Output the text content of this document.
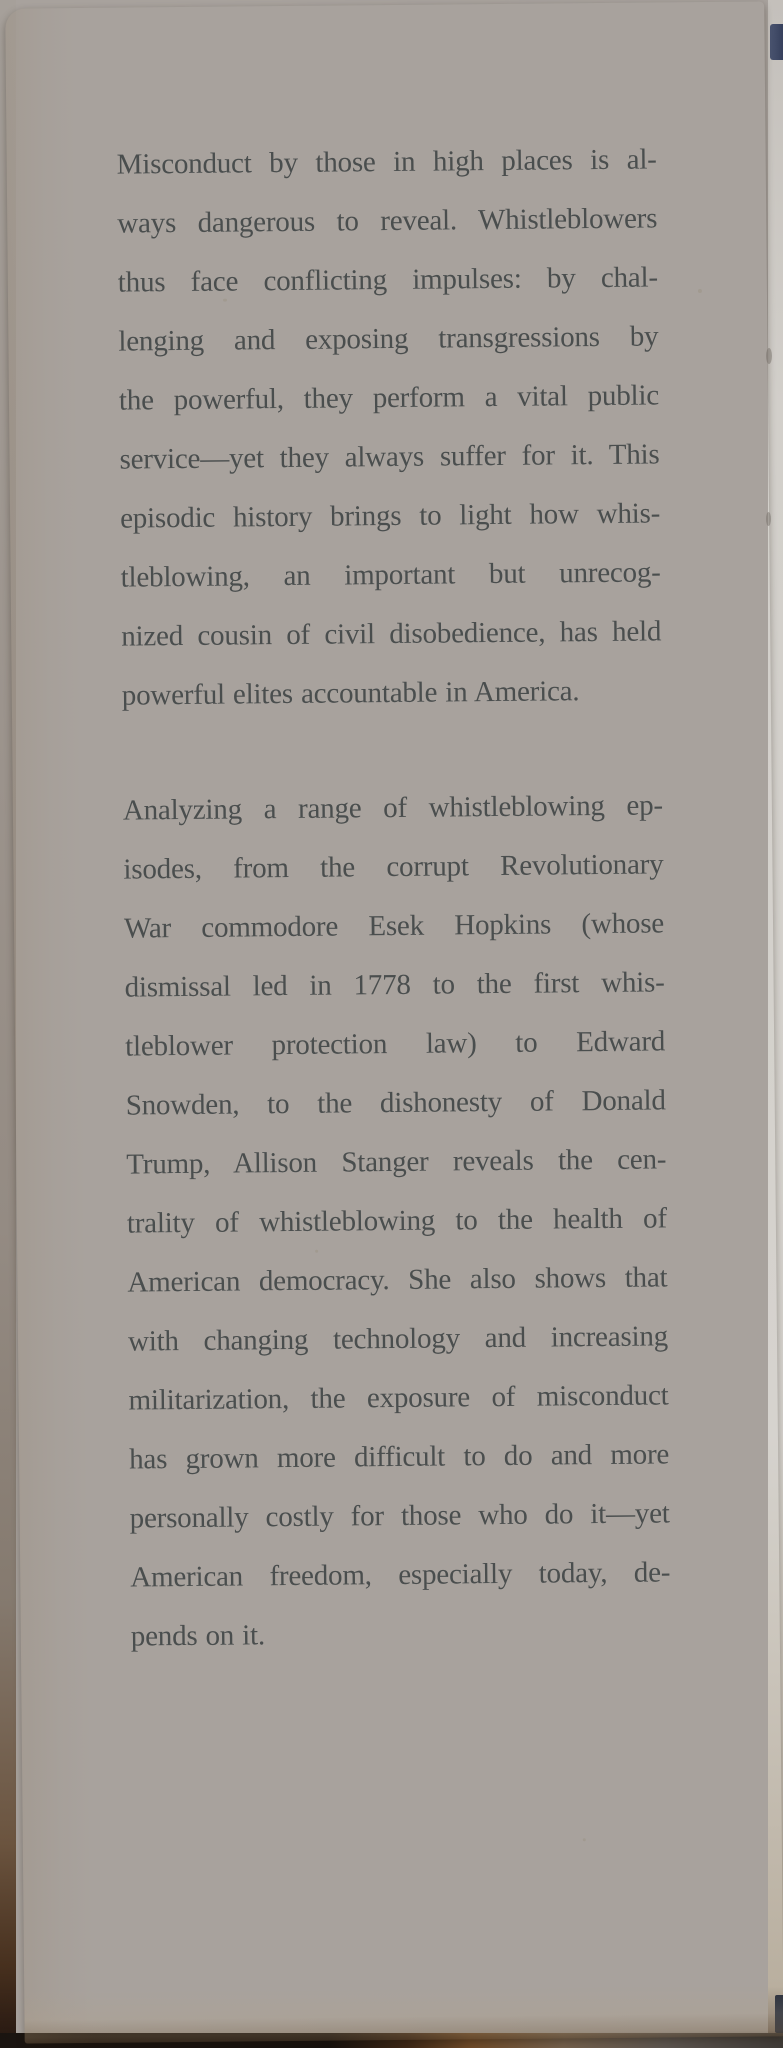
Misconduct by those in high places is al-
ways dangerous to reveal. Whistleblowers
thus face conflicting impulses: by chal-
lenging and exposing transgressions by
the powerful, they perform a vital public
service—yet they always suffer for it. This
episodic history brings to light how whis-
tleblowing, an important but unrecog-
nized cousin of civil disobedience, has held
powerful elites accountable in America.
Analyzing a range of whistleblowing ep-
isodes, from the corrupt Revolutionary
War commodore Esek Hopkins (whose
dismissal led in 1778 to the first whis-
tleblower protection law) to Edward
Snowden, to the dishonesty of Donald
Trump, Allison Stanger reveals the cen-
trality of whistleblowing to the health of
American democracy. She also shows that
with changing technology and increasing
militarization, the exposure of misconduct
has grown more difficult to do and more
personally costly for those who do it—yet
American freedom, especially today, de-
pends on it.
